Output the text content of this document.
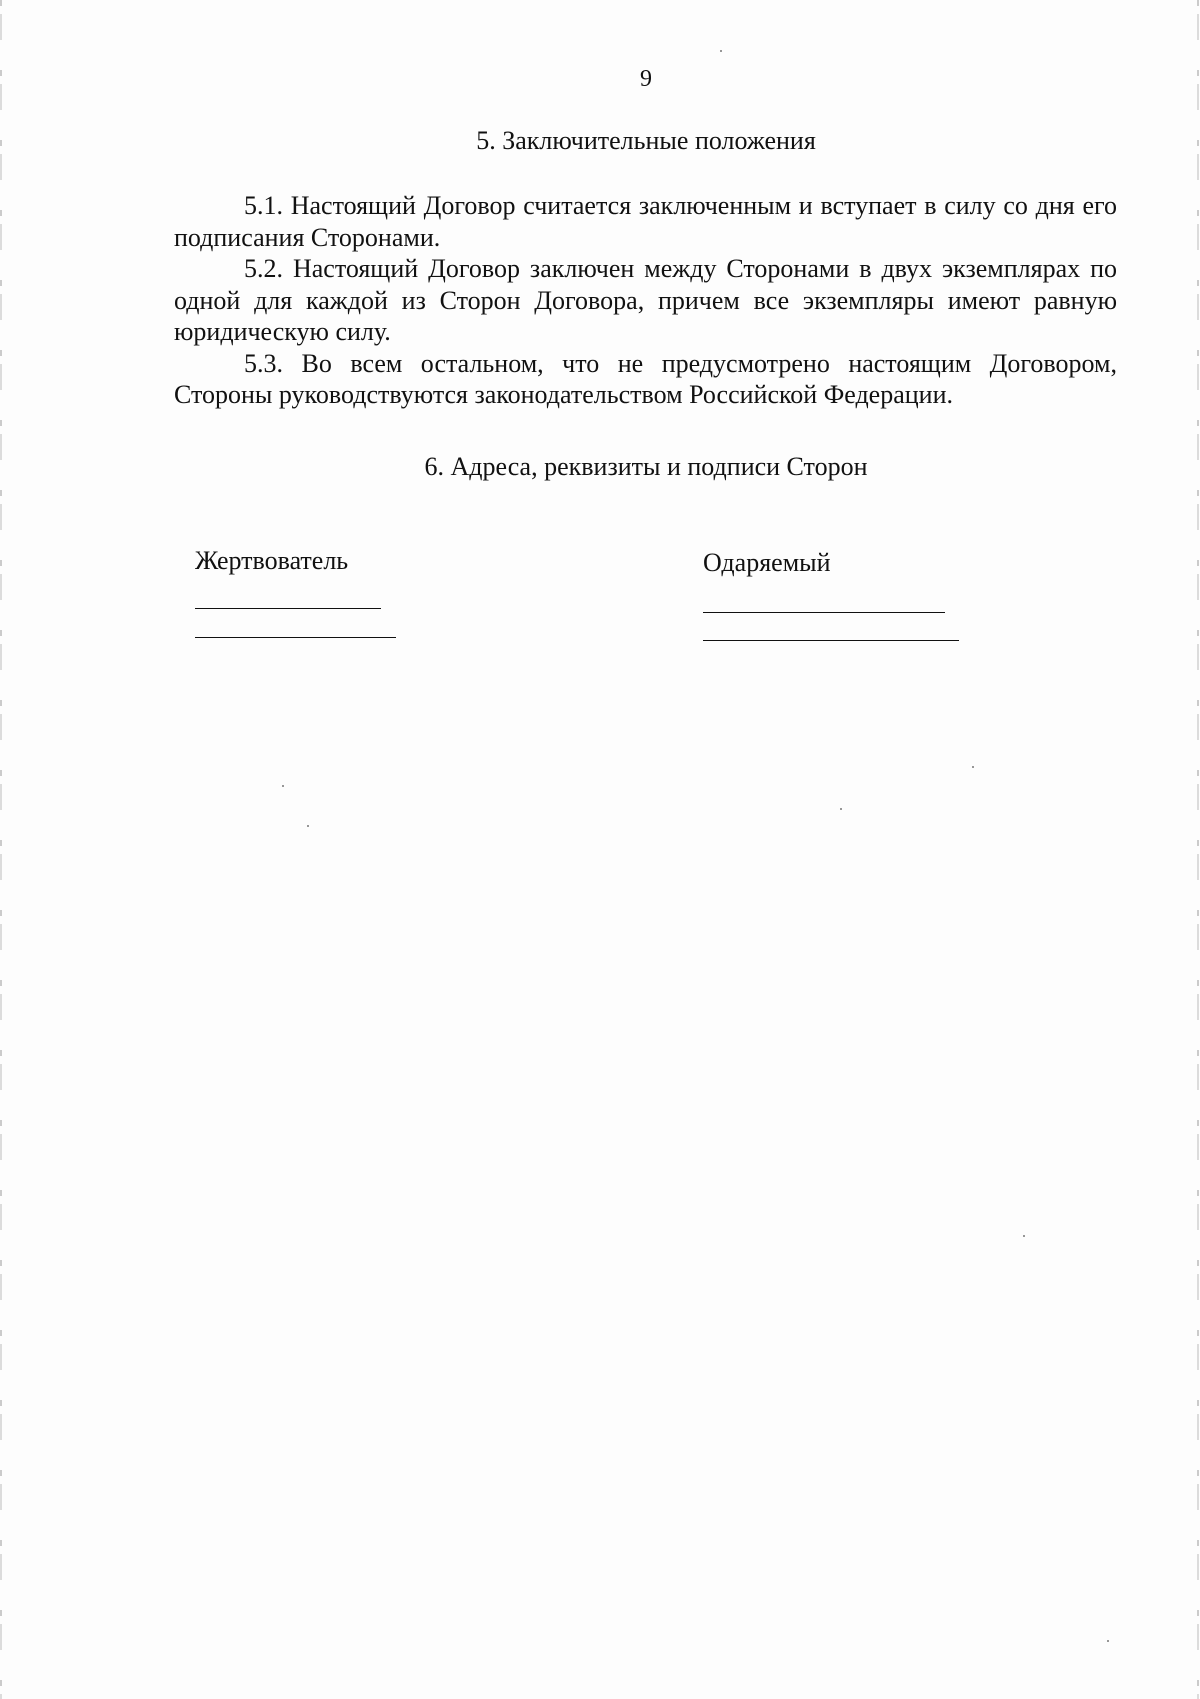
9
5. Заключительные положения

5.1. Настоящий Договор считается заключенным и вступает в силу со дня его подписания Сторонами.

5.2. Настоящий Договор заключен между Сторонами в двух экземплярах по одной для каждой из Сторон Договора, причем все экземпляры имеют равную юридическую силу.

5.3. Во всем остальном, что не предусмотрено настоящим Договором, Стороны руководствуются законодательством Российской Федерации.

6. Адреса, реквизиты и подписи Сторон
Жертвователь	Одаряемый
